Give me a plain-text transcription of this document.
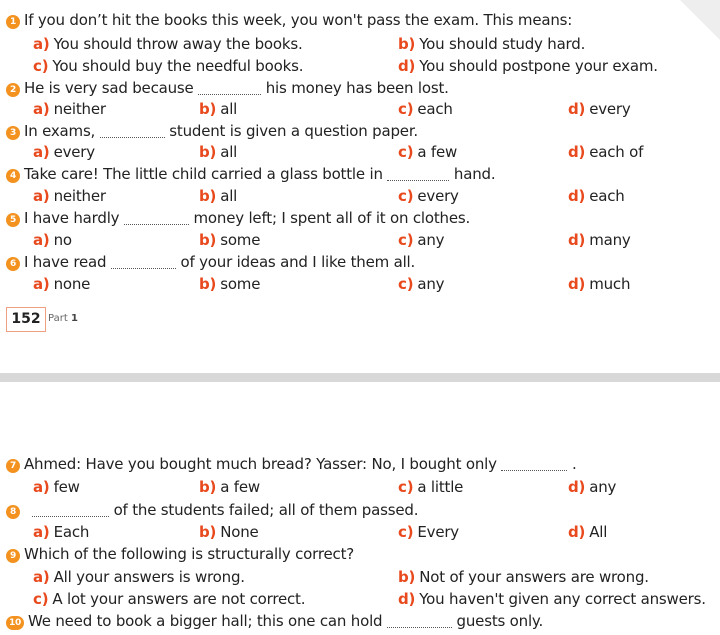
1 If you don’t hit the books this week, you won't pass the exam. This means:
a) You should throw away the books.	b) You should study hard.
c) You should buy the needful books.	d) You should postpone your exam.
2 He is very sad because	his money has been lost.
a) neither	b) all	c) each	d) every
3 In exams,	student is given a question paper.
a) every	b) all	c) a few	d) each of
4 Take care! The little child carried a glass bottle in	hand.
a) neither	b) all	c) every	d) each
5 I have hardly	money left; I spent all of it on clothes.
a) no	b) some	c) any	d) many
6 I have read	of your ideas and I like them all.
a) none	b) some	c) any	d) much
152 Part 1
7 Ahmed: Have you bought much bread? Yasser: No, I bought only	.
a) few	b) a few	c) a little	d) any
8	of the students failed; all of them passed.
a) Each	b) None	c) Every	d) All
9 Which of the following is structurally correct?
a) All your answers is wrong.	b) Not of your answers are wrong.
c) A lot your answers are not correct.	d) You haven't given any correct answers.
10 We need to book a bigger hall; this one can hold	guests only.
